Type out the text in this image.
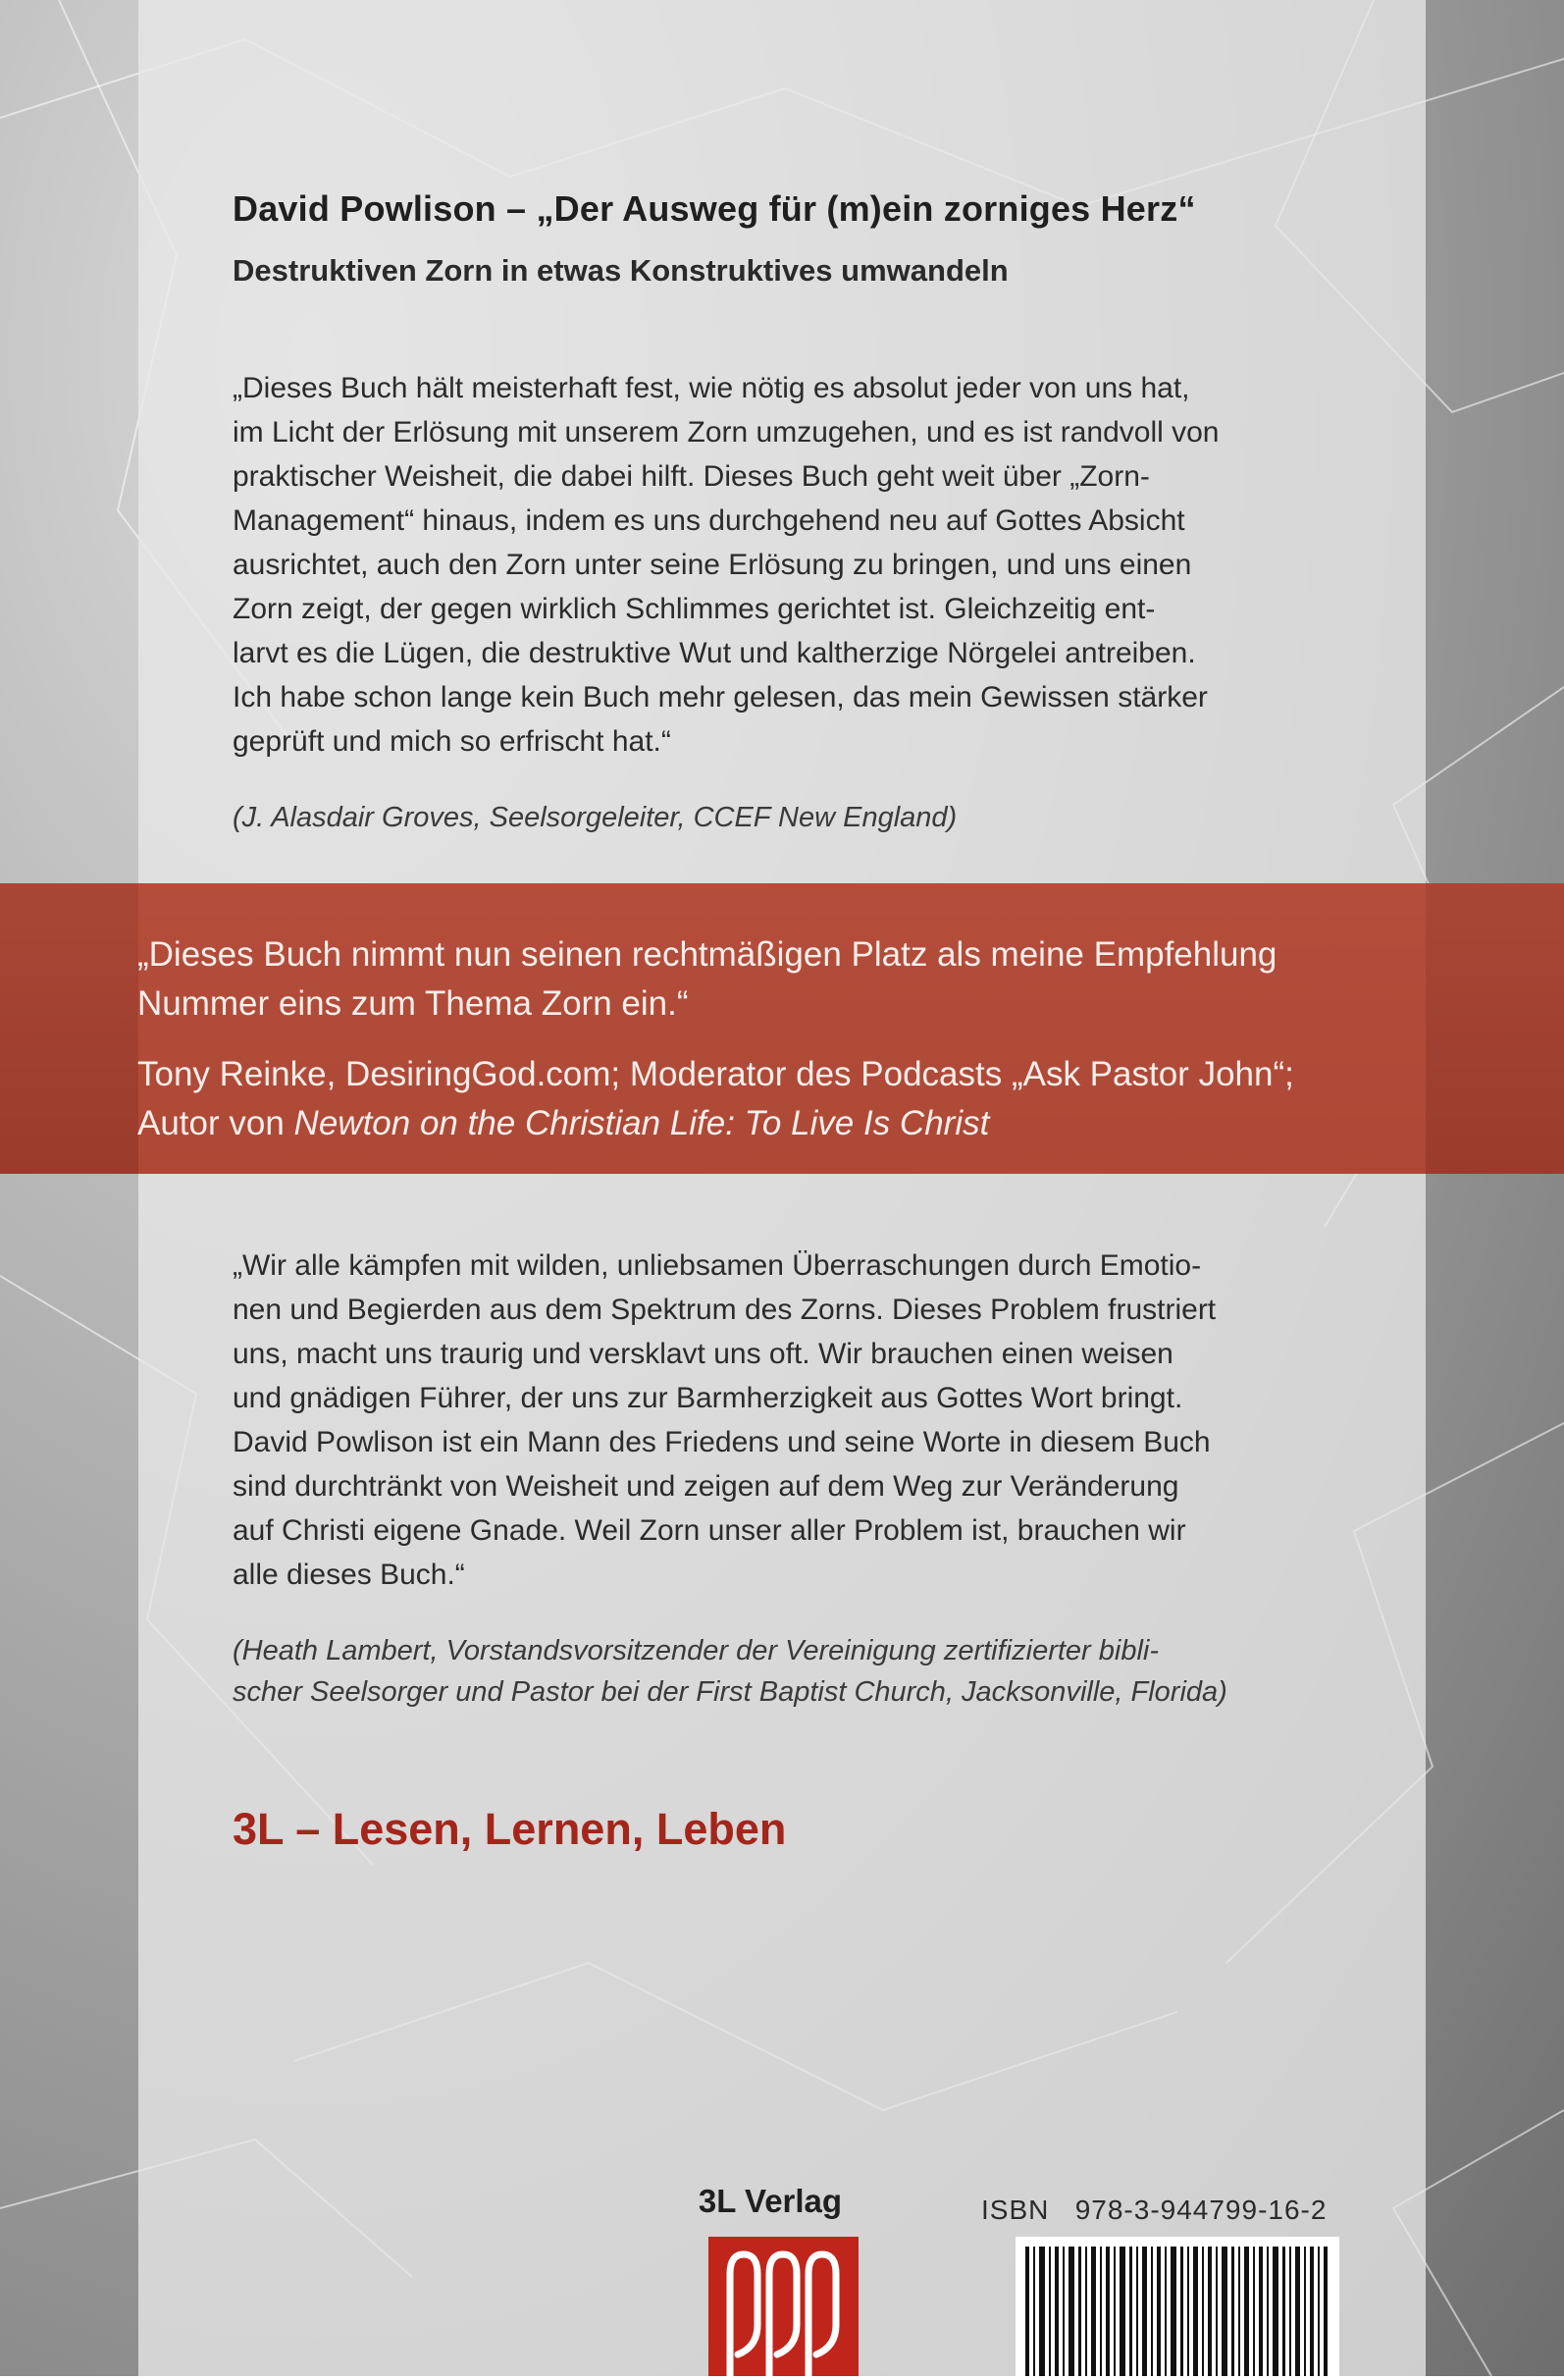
David Powlison – „Der Ausweg für (m)ein zorniges Herz“
Destruktiven Zorn in etwas Konstruktives umwandeln

„Dieses Buch hält meisterhaft fest, wie nötig es absolut jeder von uns hat,

im Licht der Erlösung mit unserem Zorn umzugehen, und es ist randvoll von

praktischer Weisheit, die dabei hilft. Dieses Buch geht weit über „Zorn-

Management“ hinaus, indem es uns durchgehend neu auf Gottes Absicht

ausrichtet, auch den Zorn unter seine Erlösung zu bringen, und uns einen

Zorn zeigt, der gegen wirklich Schlimmes gerichtet ist. Gleichzeitig ent-

larvt es die Lügen, die destruktive Wut und kaltherzige Nörgelei antreiben.

Ich habe schon lange kein Buch mehr gelesen, das mein Gewissen stärker

geprüft und mich so erfrischt hat.“

(J. Alasdair Groves, Seelsorgeleiter, CCEF New England)
„Dieses Buch nimmt nun seinen rechtmäßigen Platz als meine Empfehlung
Nummer eins zum Thema Zorn ein.“
Tony Reinke, DesiringGod.com; Moderator des Podcasts „Ask Pastor John“;
Autor von Newton on the Christian Life: To Live Is Christ

„Wir alle kämpfen mit wilden, unliebsamen Überraschungen durch Emotio-

nen und Begierden aus dem Spektrum des Zorns. Dieses Problem frustriert

uns, macht uns traurig und versklavt uns oft. Wir brauchen einen weisen

und gnädigen Führer, der uns zur Barmherzigkeit aus Gottes Wort bringt.

David Powlison ist ein Mann des Friedens und seine Worte in diesem Buch

sind durchtränkt von Weisheit und zeigen auf dem Weg zur Veränderung

auf Christi eigene Gnade. Weil Zorn unser aller Problem ist, brauchen wir

alle dieses Buch.“

(Heath Lambert, Vorstandsvorsitzender der Vereinigung zertifizierter bibli-
scher Seelsorger und Pastor bei der First Baptist Church, Jacksonville, Florida)
3L – Lesen, Lernen, Leben
3L Verlag	ISBN 978-3-944799-16-2
